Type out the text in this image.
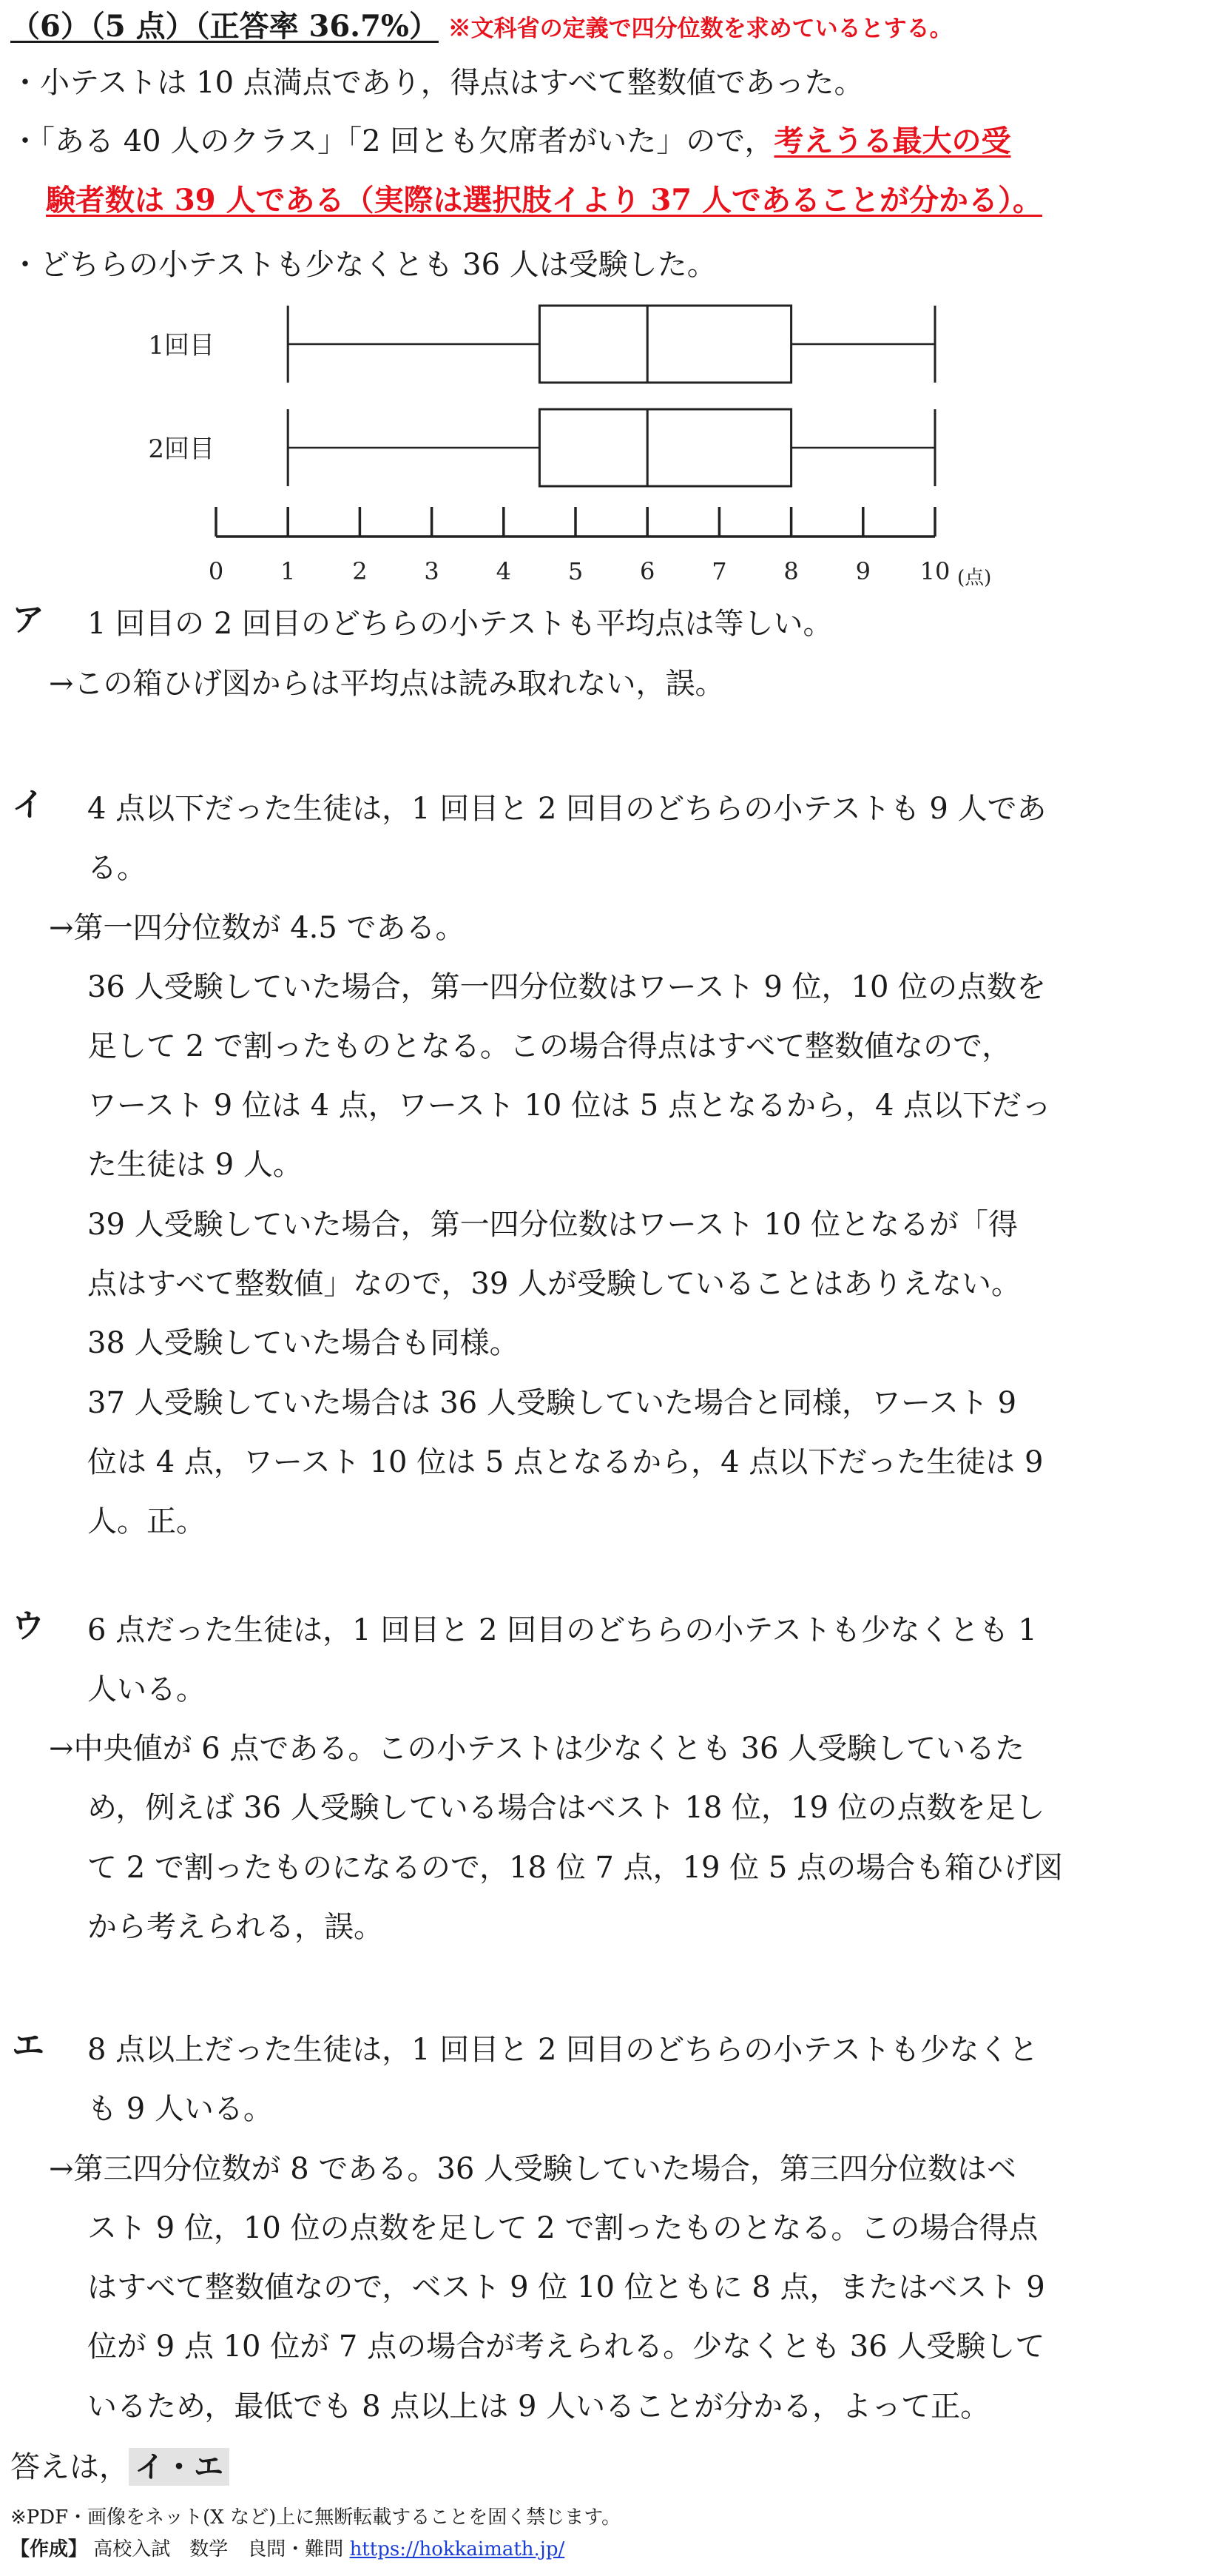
（6）（5 点）（正答率 36.7%） ※文科省の定義で四分位数を求めているとする。
・小テストは 10 点満点であり，得点はすべて整数値であった。
・「ある 40 人のクラス」「2 回とも欠席者がいた」ので，考えうる最大の受
験者数は 39 人である（実際は選択肢イより 37 人であることが分かる）。
・どちらの小テストも少なくとも 36 人は受験した。
1回目
2回目
0 1 2 3 4 5 6 7 8 9 10 (点)
ア 1 回目の 2 回目のどちらの小テストも平均点は等しい。
→この箱ひげ図からは平均点は読み取れない，誤。
イ 4 点以下だった生徒は，1 回目と 2 回目のどちらの小テストも 9 人であ
る。
→第一四分位数が 4.5 である。
36 人受験していた場合，第一四分位数はワースト 9 位，10 位の点数を
足して 2 で割ったものとなる。この場合得点はすべて整数値なので，
ワースト 9 位は 4 点，ワースト 10 位は 5 点となるから，4 点以下だっ
た生徒は 9 人。
39 人受験していた場合，第一四分位数はワースト 10 位となるが「得
点はすべて整数値」なので，39 人が受験していることはありえない。
38 人受験していた場合も同様。
37 人受験していた場合は 36 人受験していた場合と同様，ワースト 9
位は 4 点，ワースト 10 位は 5 点となるから，4 点以下だった生徒は 9
人。正。
ウ 6 点だった生徒は，1 回目と 2 回目のどちらの小テストも少なくとも 1
人いる。
→中央値が 6 点である。この小テストは少なくとも 36 人受験しているた
め，例えば 36 人受験している場合はベスト 18 位，19 位の点数を足し
て 2 で割ったものになるので，18 位 7 点，19 位 5 点の場合も箱ひげ図
から考えられる，誤。
エ 8 点以上だった生徒は，1 回目と 2 回目のどちらの小テストも少なくと
も 9 人いる。
→第三四分位数が 8 である。36 人受験していた場合，第三四分位数はベ
スト 9 位，10 位の点数を足して 2 で割ったものとなる。この場合得点
はすべて整数値なので，ベスト 9 位 10 位ともに 8 点，またはベスト 9
位が 9 点 10 位が 7 点の場合が考えられる。少なくとも 36 人受験して
いるため，最低でも 8 点以上は 9 人いることが分かる，よって正。
答えは， イ・エ
※PDF・画像をネット(X など)上に無断転載することを固く禁じます。
【作成】 高校入試　数学　良問・難問 https://hokkaimath.jp/
